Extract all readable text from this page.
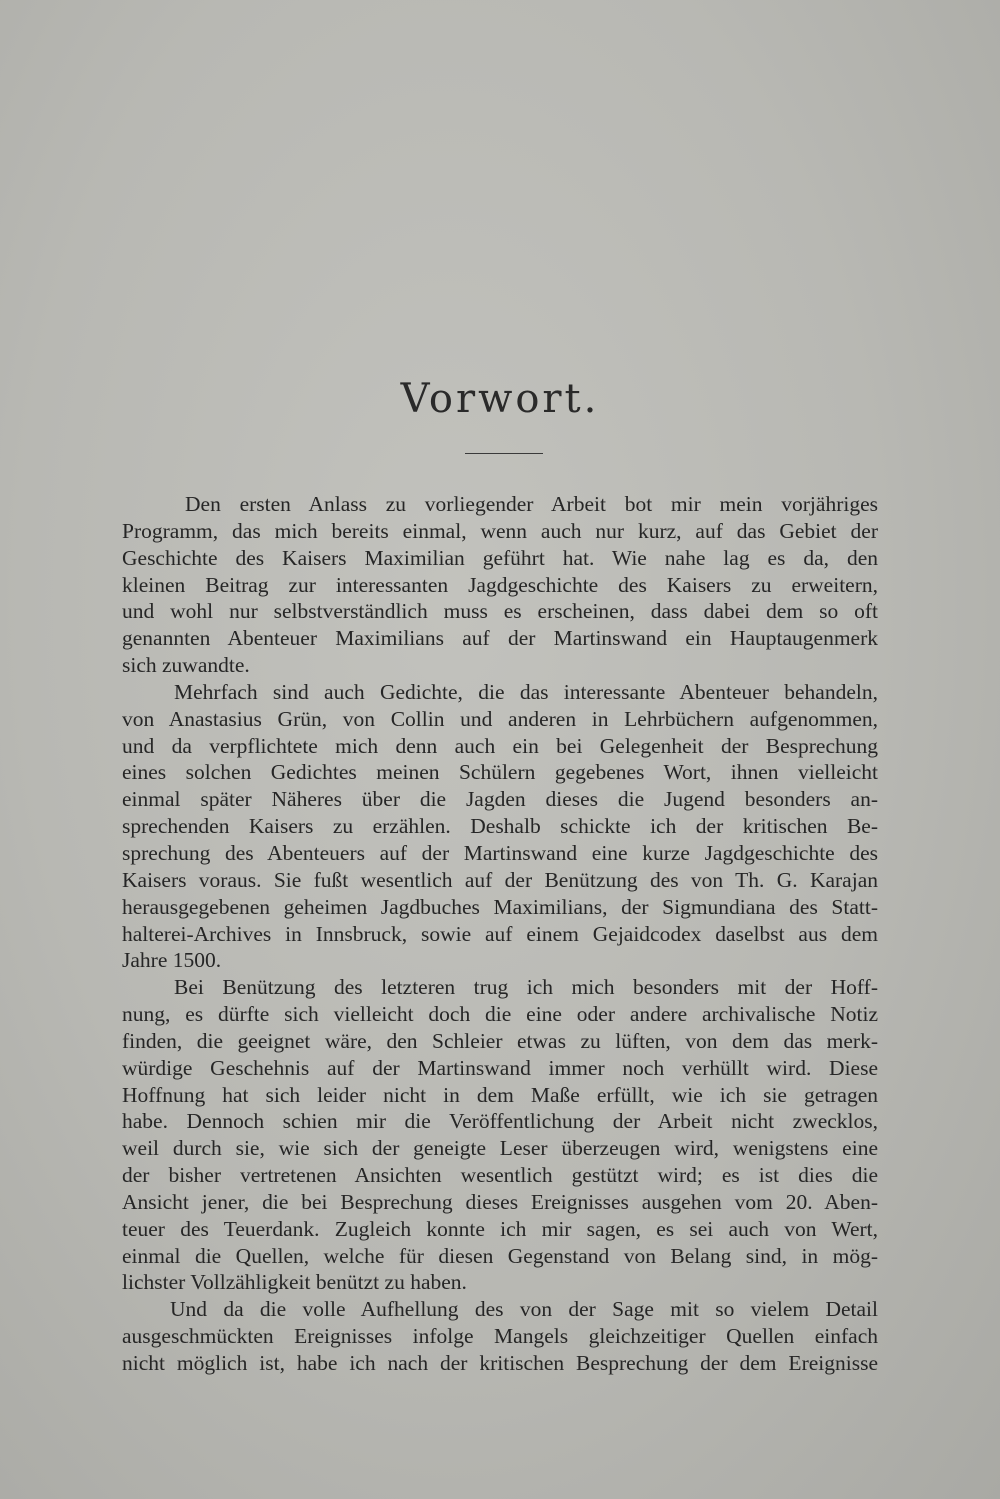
Vorwort.
Den ersten Anlass zu vorliegender Arbeit bot mir mein vorjähriges
Programm, das mich bereits einmal, wenn auch nur kurz, auf das Gebiet der
Geschichte des Kaisers Maximilian geführt hat. Wie nahe lag es da, den
kleinen Beitrag zur interessanten Jagdgeschichte des Kaisers zu erweitern,
und wohl nur selbstverständlich muss es erscheinen, dass dabei dem so oft
genannten Abenteuer Maximilians auf der Martinswand ein Hauptaugenmerk
sich zuwandte.
Mehrfach sind auch Gedichte, die das interessante Abenteuer behandeln,
von Anastasius Grün, von Collin und anderen in Lehrbüchern aufgenommen,
und da verpflichtete mich denn auch ein bei Gelegenheit der Besprechung
eines solchen Gedichtes meinen Schülern gegebenes Wort, ihnen vielleicht
einmal später Näheres über die Jagden dieses die Jugend besonders an-
sprechenden Kaisers zu erzählen. Deshalb schickte ich der kritischen Be-
sprechung des Abenteuers auf der Martinswand eine kurze Jagdgeschichte des
Kaisers voraus. Sie fußt wesentlich auf der Benützung des von Th. G. Karajan
herausgegebenen geheimen Jagdbuches Maximilians, der Sigmundiana des Statt-
halterei-Archives in Innsbruck, sowie auf einem Gejaidcodex daselbst aus dem
Jahre 1500.
Bei Benützung des letzteren trug ich mich besonders mit der Hoff-
nung, es dürfte sich vielleicht doch die eine oder andere archivalische Notiz
finden, die geeignet wäre, den Schleier etwas zu lüften, von dem das merk-
würdige Geschehnis auf der Martinswand immer noch verhüllt wird. Diese
Hoffnung hat sich leider nicht in dem Maße erfüllt, wie ich sie getragen
habe. Dennoch schien mir die Veröffentlichung der Arbeit nicht zwecklos,
weil durch sie, wie sich der geneigte Leser überzeugen wird, wenigstens eine
der bisher vertretenen Ansichten wesentlich gestützt wird; es ist dies die
Ansicht jener, die bei Besprechung dieses Ereignisses ausgehen vom 20. Aben-
teuer des Teuerdank. Zugleich konnte ich mir sagen, es sei auch von Wert,
einmal die Quellen, welche für diesen Gegenstand von Belang sind, in mög-
lichster Vollzähligkeit benützt zu haben.
Und da die volle Aufhellung des von der Sage mit so vielem Detail
ausgeschmückten Ereignisses infolge Mangels gleichzeitiger Quellen einfach
nicht möglich ist, habe ich nach der kritischen Besprechung der dem Ereignisse
